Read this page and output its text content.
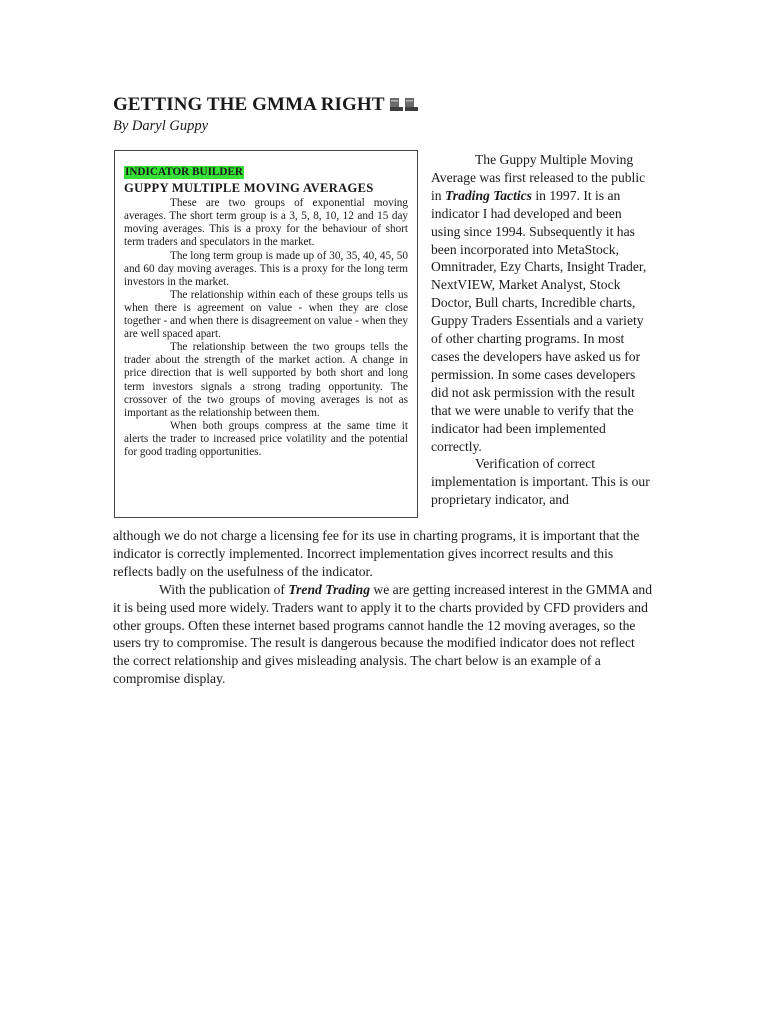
GETTING THE GMMA RIGHT
By Daryl Guppy
INDICATOR BUILDER
GUPPY MULTIPLE MOVING AVERAGES

These are two groups of exponential moving averages. The short term group is a 3, 5, 8, 10, 12 and 15 day moving averages. This is a proxy for the behaviour of short term traders and speculators in the market.

The long term group is made up of 30, 35, 40, 45, 50 and 60 day moving averages. This is a proxy for the long term investors in the market.

The relationship within each of these groups tells us when there is agreement on value - when they are close together - and when there is disagreement on value - when they are well spaced apart.

The relationship between the two groups tells the trader about the strength of the market action. A change in price direction that is well supported by both short and long term investors signals a strong trading opportunity. The crossover of the two groups of moving averages is not as important as the relationship between them.

When both groups compress at the same time it alerts the trader to increased price volatility and the potential for good trading opportunities.

The Guppy Multiple Moving Average was first released to the public in Trading Tactics in 1997. It is an indicator I had developed and been using since 1994. Subsequently it has been incorporated into MetaStock, Omnitrader, Ezy Charts, Insight Trader, NextVIEW, Market Analyst, Stock Doctor, Bull charts, Incredible charts, Guppy Traders Essentials and a variety of other charting programs. In most cases the developers have asked us for permission. In some cases developers did not ask permission with the result that we were unable to verify that the indicator had been implemented correctly.

Verification of correct implementation is important. This is our proprietary indicator, and

although we do not charge a licensing fee for its use in charting programs, it is important that the indicator is correctly implemented. Incorrect implementation gives incorrect results and this reflects badly on the usefulness of the indicator.

With the publication of Trend Trading we are getting increased interest in the GMMA and it is being used more widely. Traders want to apply it to the charts provided by CFD providers and other groups. Often these internet based programs cannot handle the 12 moving averages, so the users try to compromise. The result is dangerous because the modified indicator does not reflect the correct relationship and gives misleading analysis. The chart below is an example of a compromise display.
